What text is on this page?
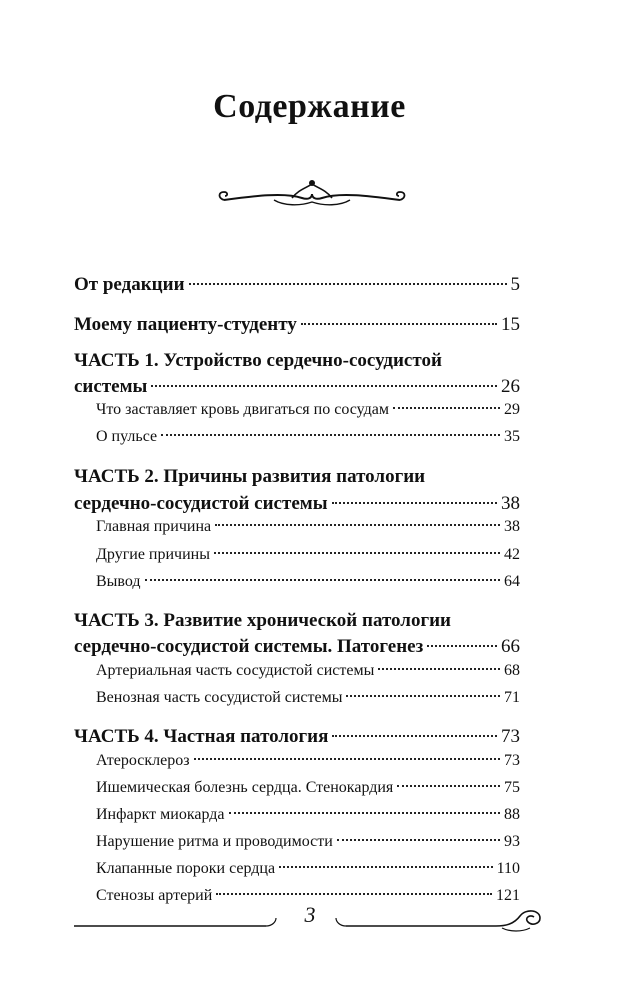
Содержание
От редакции	5
Моему пациенту-студенту	15
ЧАСТЬ 1. Устройство сердечно-сосудистой
системы	26
Что заставляет кровь двигаться по сосудам	29
О пульсе	35
ЧАСТЬ 2. Причины развития патологии
сердечно-сосудистой системы	38
Главная причина	38
Другие причины	42
Вывод	64
ЧАСТЬ 3. Развитие хронической патологии
сердечно-сосудистой системы. Патогенез	66
Артериальная часть сосудистой системы	68
Венозная часть сосудистой системы	71
ЧАСТЬ 4. Частная патология	73
Атеросклероз	73
Ишемическая болезнь сердца. Стенокардия	75
Инфаркт миокарда	88
Нарушение ритма и проводимости	93
Клапанные пороки сердца	110
Стенозы артерий	121
3
